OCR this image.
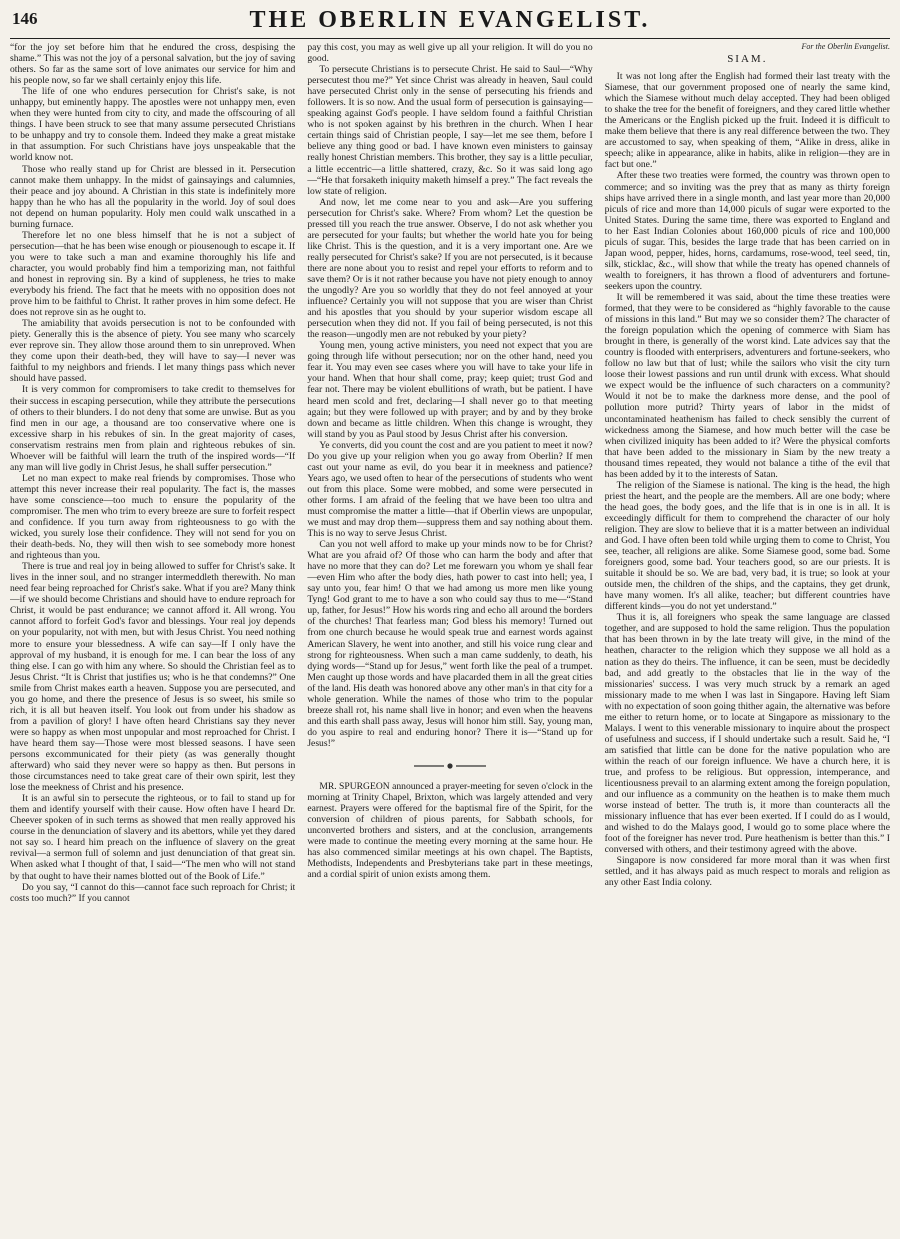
146	THE OBERLIN EVANGELIST.

“for the joy set before him that he endured the cross, despising the shame.” This was not the joy of a personal salvation, but the joy of saving others. So far as the same sort of love animates our service for him and his people now, so far we shall certainly enjoy this life.

The life of one who endures persecution for Christ's sake, is not unhappy, but eminently happy. The apostles were not unhappy men, even when they were hunted from city to city, and made the offscouring of all things. I have been struck to see that many assume persecuted Christians to be unhappy and try to console them. Indeed they make a great mistake in that assumption. For such Christians have joys unspeakable that the world know not.

Those who really stand up for Christ are blessed in it. Persecution cannot make them unhappy. In the midst of gainsayings and calumnies, their peace and joy abound. A Christian in this state is indefinitely more happy than he who has all the popularity in the world. Joy of soul does not depend on human popularity. Holy men could walk unscathed in a burning furnace.

Therefore let no one bless himself that he is not a subject of persecution—that he has been wise enough or piousenough to escape it. If you were to take such a man and examine thoroughly his life and character, you would probably find him a temporizing man, not faithful and honest in reproving sin. By a kind of suppleness, he tries to make everybody his friend. The fact that he meets with no opposition does not prove him to be faithful to Christ. It rather proves in him some defect. He does not reprove sin as he ought to.

The amiability that avoids persecution is not to be confounded with piety. Generally this is the absence of piety. You see many who scarcely ever reprove sin. They allow those around them to sin unreproved. When they come upon their death-bed, they will have to say—I never was faithful to my neighbors and friends. I let many things pass which never should have passed.

It is very common for compromisers to take credit to themselves for their success in escaping persecution, while they attribute the persecutions of others to their blunders. I do not deny that some are unwise. But as you find men in our age, a thousand are too conservative where one is excessive sharp in his rebukes of sin. In the great majority of cases, conservatism restrains men from plain and righteous rebukes of sin. Whoever will be faithful will learn the truth of the inspired words—“If any man will live godly in Christ Jesus, he shall suffer persecution.”

Let no man expect to make real friends by compromises. Those who attempt this never increase their real popularity. The fact is, the masses have some conscience—too much to ensure the popularity of the compromiser. The men who trim to every breeze are sure to forfeit respect and confidence. If you turn away from righteousness to go with the wicked, you surely lose their confidence. They will not send for you on their death-beds. No, they will then wish to see somebody more honest and righteous than you.

There is true and real joy in being allowed to suffer for Christ's sake. It lives in the inner soul, and no stranger intermeddleth therewith. No man need fear being reproached for Christ's sake. What if you are? Many think—if we should become Christians and should have to endure reproach for Christ, it would be past endurance; we cannot afford it. All wrong. You cannot afford to forfeit God's favor and blessings. Your real joy depends on your popularity, not with men, but with Jesus Christ. You need nothing more to ensure your blessedness. A wife can say—If I only have the approval of my husband, it is enough for me. I can bear the loss of any thing else. I can go with him any where. So should the Christian feel as to Jesus Christ. “It is Christ that justifies us; who is he that condemns?” One smile from Christ makes earth a heaven. Suppose you are persecuted, and you go home, and there the presence of Jesus is so sweet, his smile so rich, it is all but heaven itself. You look out from under his shadow as from a pavilion of glory! I have often heard Christians say they never were so happy as when most unpopular and most reproached for Christ. I have heard them say—Those were most blessed seasons. I have seen persons excommunicated for their piety (as was generally thought afterward) who said they never were so happy as then. But persons in those circumstances need to take great care of their own spirit, lest they lose the meekness of Christ and his presence.

It is an awful sin to persecute the righteous, or to fail to stand up for them and identify yourself with their cause. How often have I heard Dr. Cheever spoken of in such terms as showed that men really approved his course in the denunciation of slavery and its abettors, while yet they dared not say so. I heard him preach on the influence of slavery on the great revival—a sermon full of solemn and just denunciation of that great sin. When asked what I thought of that, I said—“The men who will not stand by that ought to have their names blotted out of the Book of Life.”

Do you say, “I cannot do this—cannot face such reproach for Christ; it costs too much?” If you cannot

pay this cost, you may as well give up all your religion. It will do you no good.

To persecute Christians is to persecute Christ. He said to Saul—“Why persecutest thou me?” Yet since Christ was already in heaven, Saul could have persecuted Christ only in the sense of persecuting his friends and followers. It is so now. And the usual form of persecution is gainsaying—speaking against God's people. I have seldom found a faithful Christian who is not spoken against by his brethren in the church. When I hear certain things said of Christian people, I say—let me see them, before I believe any thing good or bad. I have known even ministers to gainsay really honest Christian members. This brother, they say is a little peculiar, a little eccentric—a little shattered, crazy, &c. So it was said long ago—“He that forsaketh iniquity maketh himself a prey.” The fact reveals the low state of religion.

And now, let me come near to you and ask—Are you suffering persecution for Christ's sake. Where? From whom? Let the question be pressed till you reach the true answer. Observe, I do not ask whether you are persecuted for your faults; but whether the world hate you for being like Christ. This is the question, and it is a very important one. Are we really persecuted for Christ's sake? If you are not persecuted, is it because there are none about you to resist and repel your efforts to reform and to save them? Or is it not rather because you have not piety enough to annoy the ungodly? Are you so worldly that they do not feel annoyed at your influence? Certainly you will not suppose that you are wiser than Christ and his apostles that you should by your superior wisdom escape all persecution when they did not. If you fail of being persecuted, is not this the reason—ungodly men are not rebuked by your piety?

Young men, young active ministers, you need not expect that you are going through life without persecution; nor on the other hand, need you fear it. You may even see cases where you will have to take your life in your hand. When that hour shall come, pray; keep quiet; trust God and fear not. There may be violent ebullitions of wrath, but be patient. I have heard men scold and fret, declaring—I shall never go to that meeting again; but they were followed up with prayer; and by and by they broke down and became as little children. When this change is wrought, they will stand by you as Paul stood by Jesus Christ after his conversion.

Ye converts, did you count the cost and are you patient to meet it now? Do you give up your religion when you go away from Oberlin? If men cast out your name as evil, do you bear it in meekness and patience? Years ago, we used often to hear of the persecutions of students who went out from this place. Some were mobbed, and some were persecuted in other forms. I am afraid of the feeling that we have been too ultra and must compromise the matter a little—that if Oberlin views are unpopular, we must and may drop them—suppress them and say nothing about them. This is no way to serve Jesus Christ.

Can you not well afford to make up your minds now to be for Christ? What are you afraid of? Of those who can harm the body and after that have no more that they can do? Let me forewarn you whom ye shall fear—even Him who after the body dies, hath power to cast into hell; yea, I say unto you, fear him! O that we had among us more men like young Tyng! God grant to me to have a son who could say thus to me—“Stand up, father, for Jesus!” How his words ring and echo all around the borders of the churches! That fearless man; God bless his memory! Turned out from one church because he would speak true and earnest words against American Slavery, he went into another, and still his voice rung clear and strong for righteousness. When such a man came suddenly, to death, his dying words—“Stand up for Jesus,” went forth like the peal of a trumpet. Men caught up those words and have placarded them in all the great cities of the land. His death was honored above any other man's in that city for a whole generation. While the names of those who trim to the popular breeze shall rot, his name shall live in honor; and even when the heavens and this earth shall pass away, Jesus will honor him still. Say, young man, do you aspire to real and enduring honor? There it is—“Stand up for Jesus!”

MR. SPURGEON announced a prayer-meeting for seven o'clock in the morning at Trinity Chapel, Brixton, which was largely attended and very earnest. Prayers were offered for the baptismal fire of the Spirit, for the conversion of children of pious parents, for Sabbath schools, for unconverted brothers and sisters, and at the conclusion, arrangements were made to continue the meeting every morning at the same hour. He has also commenced similar meetings at his own chapel. The Baptists, Methodists, Independents and Presbyterians take part in these meetings, and a cordial spirit of union exists among them.

For the Oberlin Evangelist.
SIAM.

It was not long after the English had formed their last treaty with the Siamese, that our government proposed one of nearly the same kind, which the Siamese without much delay accepted. They had been obliged to shake the tree for the benefit of foreigners, and they cared little whether the Americans or the English picked up the fruit. Indeed it is difficult to make them believe that there is any real difference between the two. They are accustomed to say, when speaking of them, “Alike in dress, alike in speech; alike in appearance, alike in habits, alike in religion—they are in fact but one.”

After these two treaties were formed, the country was thrown open to commerce; and so inviting was the prey that as many as thirty foreign ships have arrived there in a single month, and last year more than 20,000 piculs of rice and more than 14,000 piculs of sugar were exported to the United States. During the same time, there was exported to England and to her East Indian Colonies about 160,000 piculs of rice and 100,000 piculs of sugar. This, besides the large trade that has been carried on in Japan wood, pepper, hides, horns, cardamums, rose-wood, teel seed, tin, silk, sticklac, &c., will show that while the treaty has opened channels of wealth to foreigners, it has thrown a flood of adventurers and fortune-seekers upon the country.

It will be remembered it was said, about the time these treaties were formed, that they were to be considered as “highly favorable to the cause of missions in this land.” But may we so consider them? The character of the foreign population which the opening of commerce with Siam has brought in there, is generally of the worst kind. Late advices say that the country is flooded with enterprisers, adventurers and fortune-seekers, who follow no law but that of lust; while the sailors who visit the city turn loose their lowest passions and run until drunk with excess. What should we expect would be the influence of such characters on a community? Would it not be to make the darkness more dense, and the pool of pollution more putrid? Thirty years of labor in the midst of uncontaminated heathenism has failed to check sensibly the current of wickedness among the Siamese, and how much better will the case be when civilized iniquity has been added to it? Were the physical comforts that have been added to the missionary in Siam by the new treaty a thousand times repeated, they would not balance a tithe of the evil that has been added by it to the interests of Satan.

The religion of the Siamese is national. The king is the head, the high priest the heart, and the people are the members. All are one body; where the head goes, the body goes, and the life that is in one is in all. It is exceedingly difficult for them to comprehend the character of our holy religion. They are slow to believe that it is a matter between an individual and God. I have often been told while urging them to come to Christ, You see, teacher, all religions are alike. Some Siamese good, some bad. Some foreigners good, some bad. Your teachers good, so are our priests. It is suitable it should be so. We are bad, very bad, it is true; so look at your outside men, the children of the ships, and the captains, they get drunk, have many women. It's all alike, teacher; but different countries have different kinds—you do not yet understand.”

Thus it is, all foreigners who speak the same language are classed together, and are supposed to hold the same religion. Thus the population that has been thrown in by the late treaty will give, in the mind of the heathen, character to the religion which they suppose we all hold as a nation as they do theirs. The influence, it can be seen, must be decidedly bad, and add greatly to the obstacles that lie in the way of the missionaries' success. I was very much struck by a remark an aged missionary made to me when I was last in Singapore. Having left Siam with no expectation of soon going thither again, the alternative was before me either to return home, or to locate at Singapore as missionary to the Malays. I went to this venerable missionary to inquire about the prospect of usefulness and success, if I should undertake such a result. Said he, “I am satisfied that little can be done for the native population who are within the reach of our foreign influence. We have a church here, it is true, and profess to be religious. But oppression, intemperance, and licentiousness prevail to an alarming extent among the foreign population, and our influence as a community on the heathen is to make them much worse instead of better. The truth is, it more than counteracts all the missionary influence that has ever been exerted. If I could do as I would, and wished to do the Malays good, I would go to some place where the foot of the foreigner has never trod. Pure heathenism is better than this.” I conversed with others, and their testimony agreed with the above.

Singapore is now considered far more moral than it was when first settled, and it has always paid as much respect to morals and religion as any other East India colony.
